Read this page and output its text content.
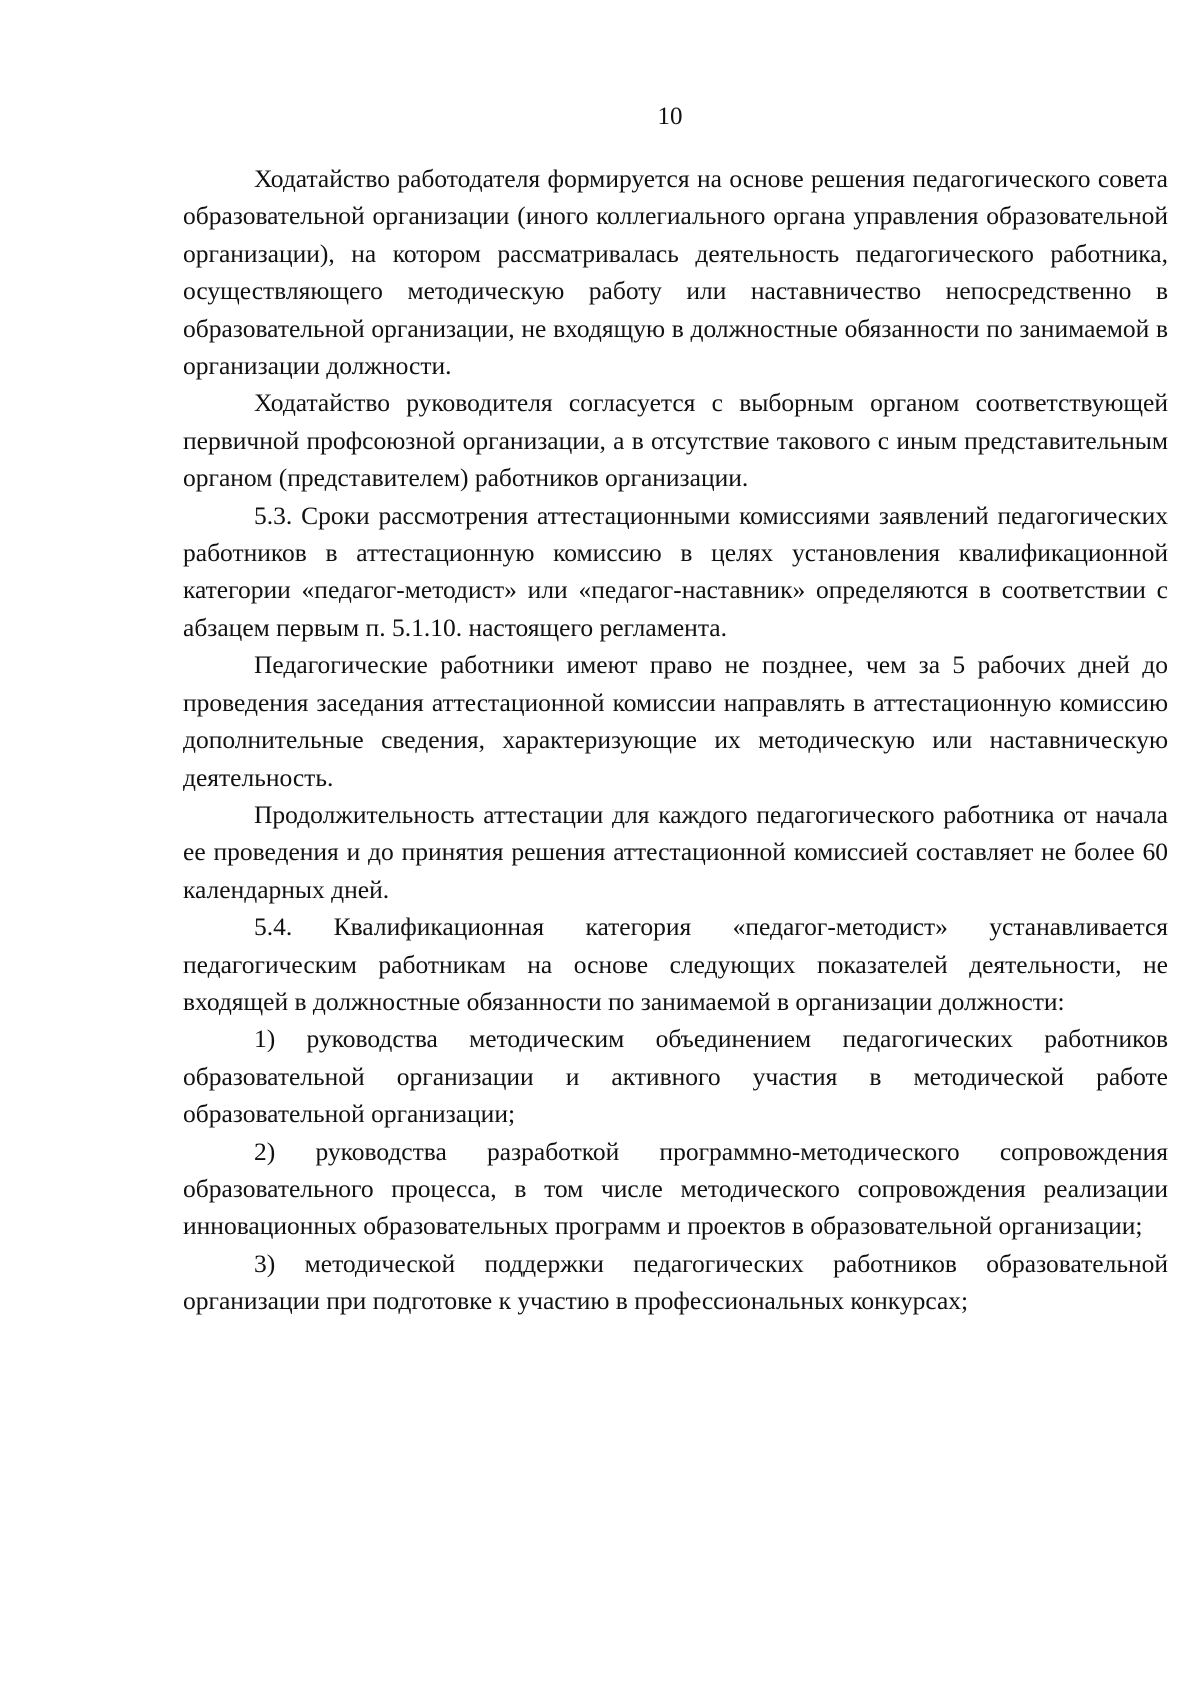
10

Ходатайство работодателя формируется на основе решения педагогического совета образовательной организации (иного коллегиального органа управления образовательной организации), на котором рассматривалась деятельность педагогического работника, осуществляющего методическую работу или наставничество непосредственно в образовательной организации, не входящую в должностные обязанности по занимаемой в организации должности.

Ходатайство руководителя согласуется с выборным органом соответствующей первичной профсоюзной организации, а в отсутствие такового с иным представительным органом (представителем) работников организации.

5.3. Сроки рассмотрения аттестационными комиссиями заявлений педагогических работников в аттестационную комиссию в целях установления квалификационной категории «педагог-методист» или «педагог-наставник» определяются в соответствии с абзацем первым п. 5.1.10. настоящего регламента.

Педагогические работники имеют право не позднее, чем за 5 рабочих дней до проведения заседания аттестационной комиссии направлять в аттестационную комиссию дополнительные сведения, характеризующие их методическую или наставническую деятельность.

Продолжительность аттестации для каждого педагогического работника от начала ее проведения и до принятия решения аттестационной комиссией составляет не более 60 календарных дней.

5.4. Квалификационная категория «педагог-методист» устанавливается педагогическим работникам на основе следующих показателей деятельности, не входящей в должностные обязанности по занимаемой в организации должности:

1) руководства методическим объединением педагогических работников образовательной организации и активного участия в методической работе образовательной организации;

2) руководства разработкой программно-методического сопровождения образовательного процесса, в том числе методического сопровождения реализации инновационных образовательных программ и проектов в образовательной организации;

3) методической поддержки педагогических работников образовательной организации при подготовке к участию в профессиональных конкурсах;
